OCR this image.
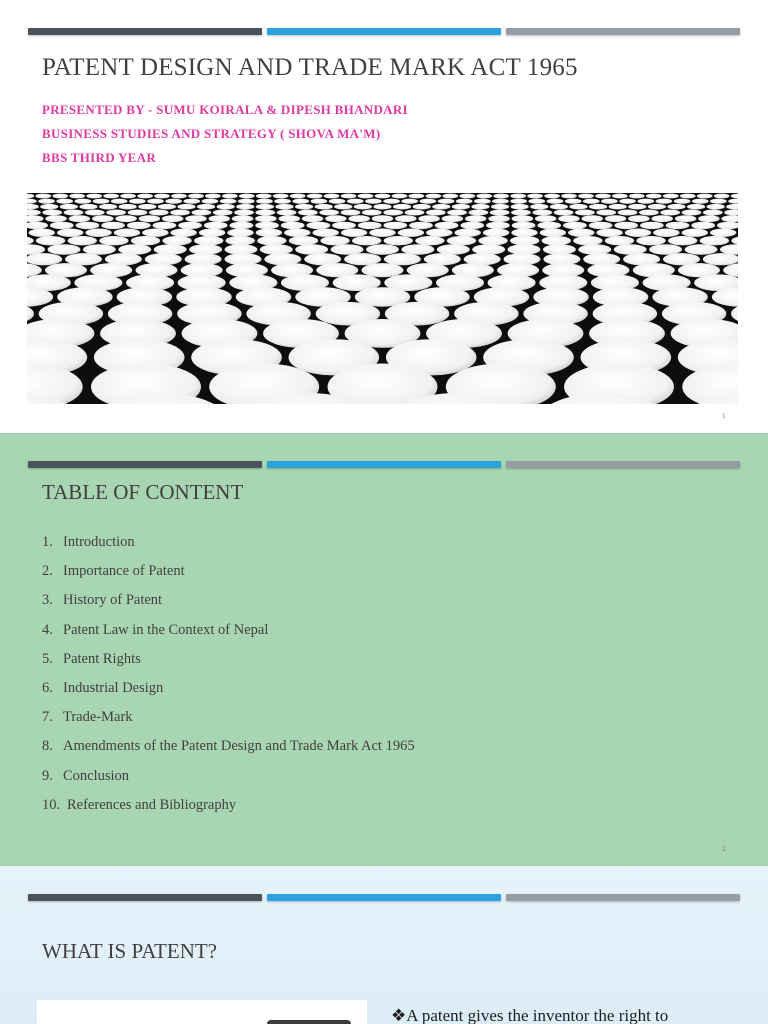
PATENT DESIGN AND TRADE MARK ACT 1965
PRESENTED BY - SUMU KOIRALA & DIPESH BHANDARI
BUSINESS STUDIES AND STRATEGY ( SHOVA MA'M)
BBS THIRD YEAR
1
TABLE OF CONTENT
1. Introduction
2. Importance of Patent
3. History of Patent
4. Patent Law in the Context of Nepal
5. Patent Rights
6. Industrial Design
7. Trade-Mark
8. Amendments of the Patent Design and Trade Mark Act 1965
9. Conclusion
10. References and Bibliography
2
WHAT IS PATENT?
❖A patent gives the inventor the right to
